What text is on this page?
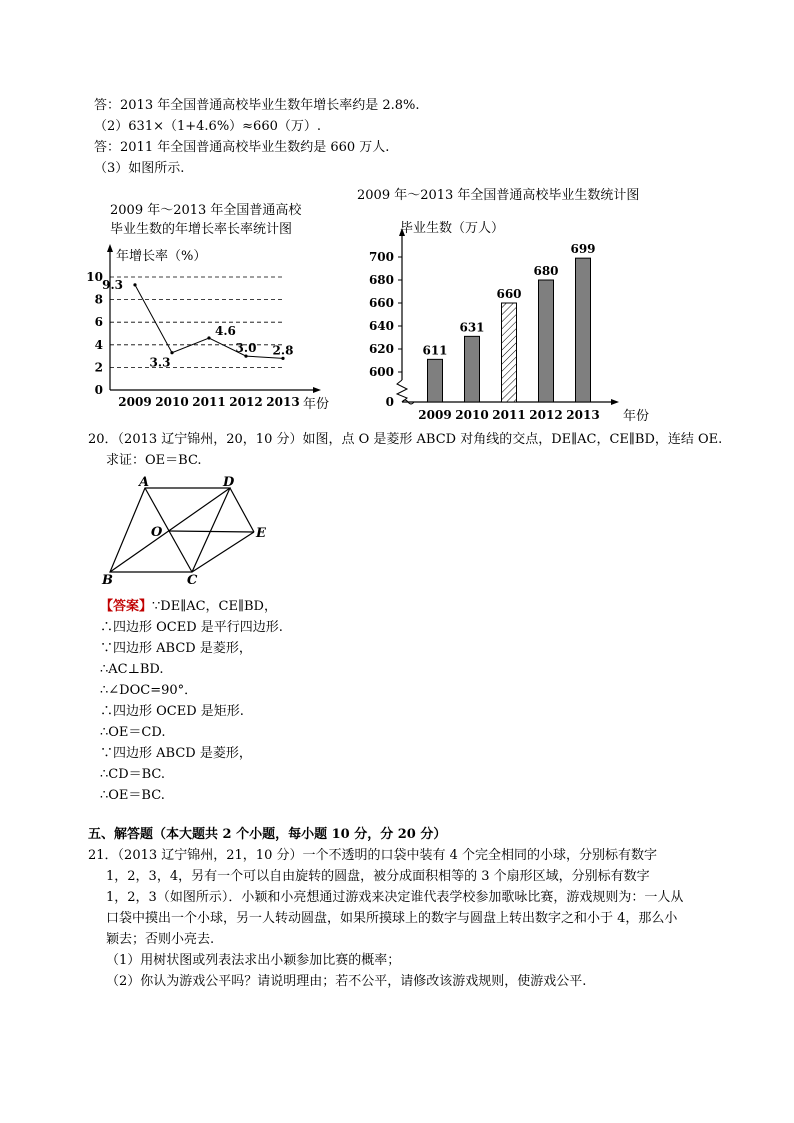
答：2013 年全国普通高校毕业生数年增长率约是 2.8%.
（2）631×（1+4.6%）≈660（万）.
答：2011 年全国普通高校毕业生数约是 660 万人.
（3）如图所示.
2009 年～2013 年全国普通高校
毕业生数的年增长率长率统计图
2009 年～2013 年全国普通高校毕业生数统计图
年增长率（%）
年份
0
2
4
6
8
10
2009 2010 2011 2012 2013
9.3
3.3
4.6
3.0 2.8
毕业生数（万人）
年份
0
600
620
640
660
680
700
2009 2010 2011 2012 2013
611
631
660
680
699
20．（2013 辽宁锦州，20，10 分）如图，点 O 是菱形 ABCD 对角线的交点，DE∥AC，CE∥BD，连结 OE.
求证：OE＝BC.
A	D
O	E
B	C
【答案】∵DE∥AC，CE∥BD，
∴四边形 OCED 是平行四边形.
∵四边形 ABCD 是菱形，
∴AC⊥BD.
∴∠DOC=90°．
∴四边形 OCED 是矩形.
∴OE＝CD.
∵四边形 ABCD 是菱形，
∴CD＝BC.
∴OE＝BC.
五、解答题（本大题共 2 个小题，每小题 10 分，分 20 分）
21．（2013 辽宁锦州，21，10 分）一个不透明的口袋中装有 4 个完全相同的小球，分别标有数字
1，2，3，4，另有一个可以自由旋转的圆盘，被分成面积相等的 3 个扇形区域，分别标有数字
1，2，3（如图所示）．小颖和小亮想通过游戏来决定谁代表学校参加歌咏比赛，游戏规则为：一人从
口袋中摸出一个小球，另一人转动圆盘，如果所摸球上的数字与圆盘上转出数字之和小于 4，那么小
颖去；否则小亮去.
（1）用树状图或列表法求出小颖参加比赛的概率；
（2）你认为游戏公平吗？请说明理由；若不公平，请修改该游戏规则，使游戏公平.
